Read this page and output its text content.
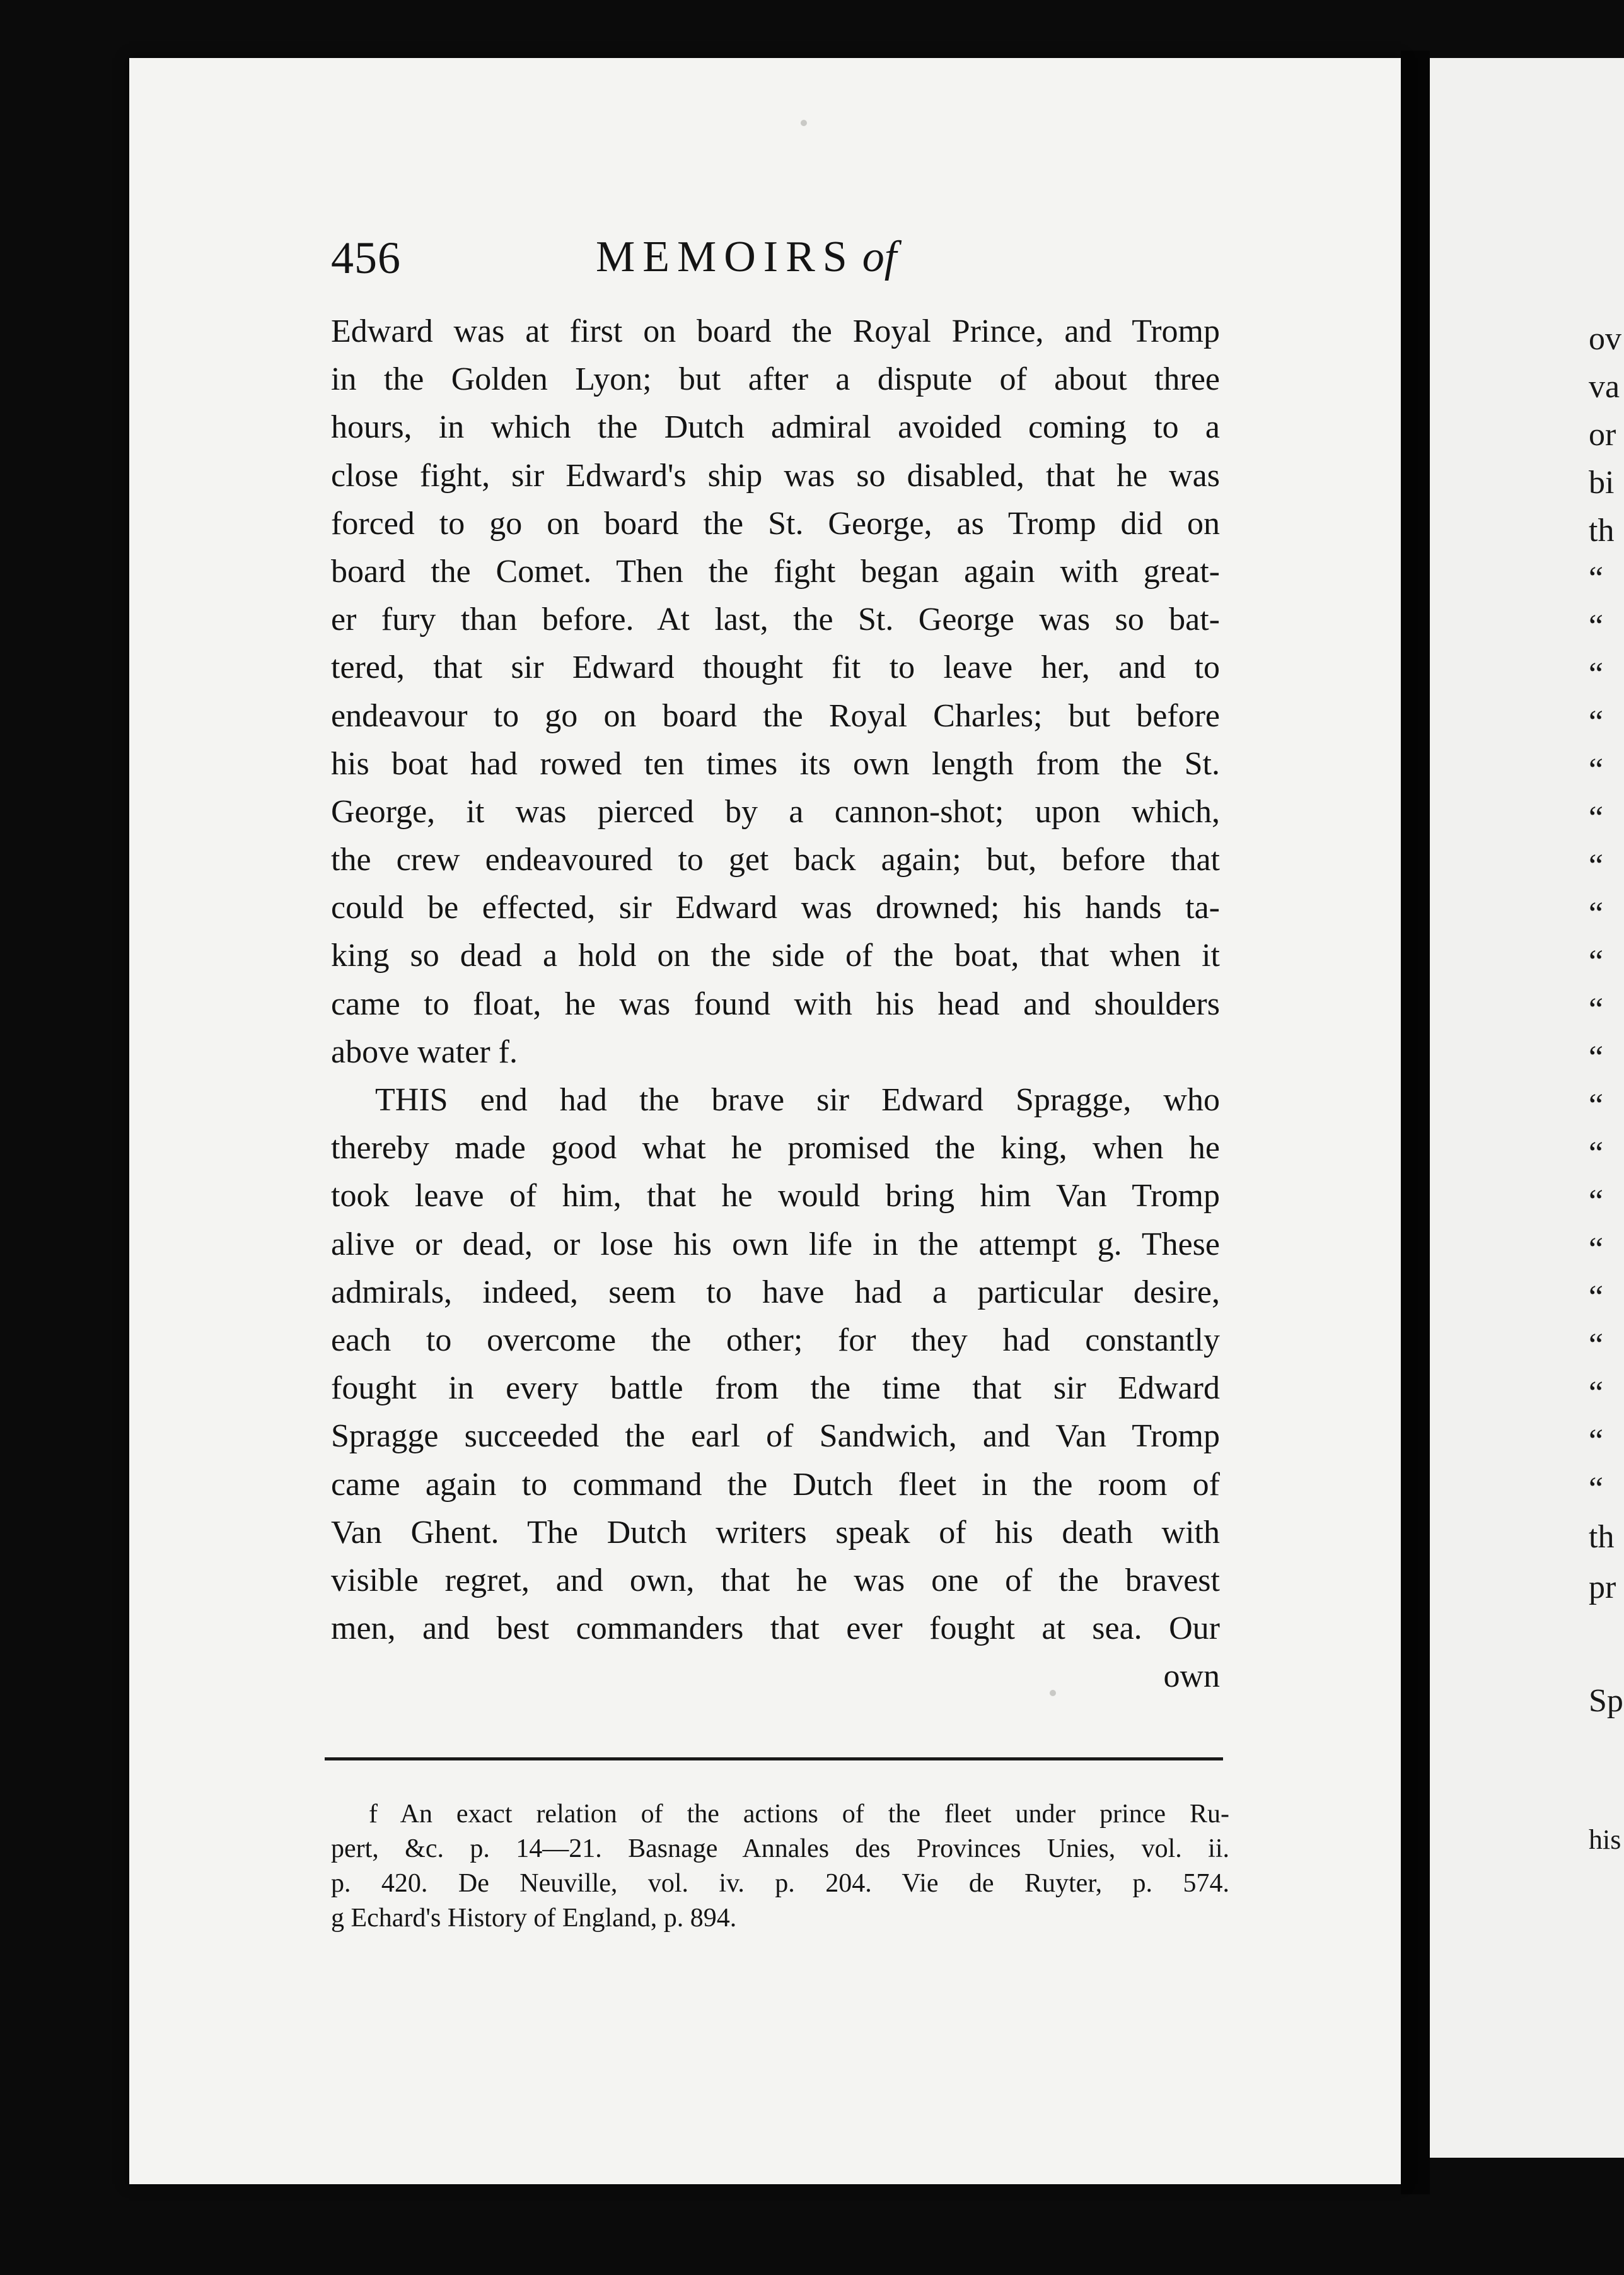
ov
va
or
bi
th
“
“
“
“
“
“
“
“
“
“
“
“
“
“
“
“
“
“
“
“
th
pr
Sp
his
456	MEMOIRS of
Edward was at first on board the Royal Prince, and Tromp
in the Golden Lyon; but after a dispute of about three
hours, in which the Dutch admiral avoided coming to a
close fight, sir Edward's ship was so disabled, that he was
forced to go on board the St. George, as Tromp did on
board the Comet. Then the fight began again with great-
er fury than before. At last, the St. George was so bat-
tered, that sir Edward thought fit to leave her, and to
endeavour to go on board the Royal Charles; but before
his boat had rowed ten times its own length from the St.
George, it was pierced by a cannon-shot; upon which,
the crew endeavoured to get back again; but, before that
could be effected, sir Edward was drowned; his hands ta-
king so dead a hold on the side of the boat, that when it
came to float, he was found with his head and shoulders
above water f.
THIS end had the brave sir Edward Spragge, who
thereby made good what he promised the king, when he
took leave of him, that he would bring him Van Tromp
alive or dead, or lose his own life in the attempt g. These
admirals, indeed, seem to have had a particular desire,
each to overcome the other; for they had constantly
fought in every battle from the time that sir Edward
Spragge succeeded the earl of Sandwich, and Van Tromp
came again to command the Dutch fleet in the room of
Van Ghent. The Dutch writers speak of his death with
visible regret, and own, that he was one of the bravest
men, and best commanders that ever fought at sea. Our
own
f An exact relation of the actions of the fleet under prince Ru-
pert, &c. p. 14—21. Basnage Annales des Provinces Unies, vol. ii.
p. 420. De Neuville, vol. iv. p. 204. Vie de Ruyter, p. 574.
g Echard's History of England, p. 894.
